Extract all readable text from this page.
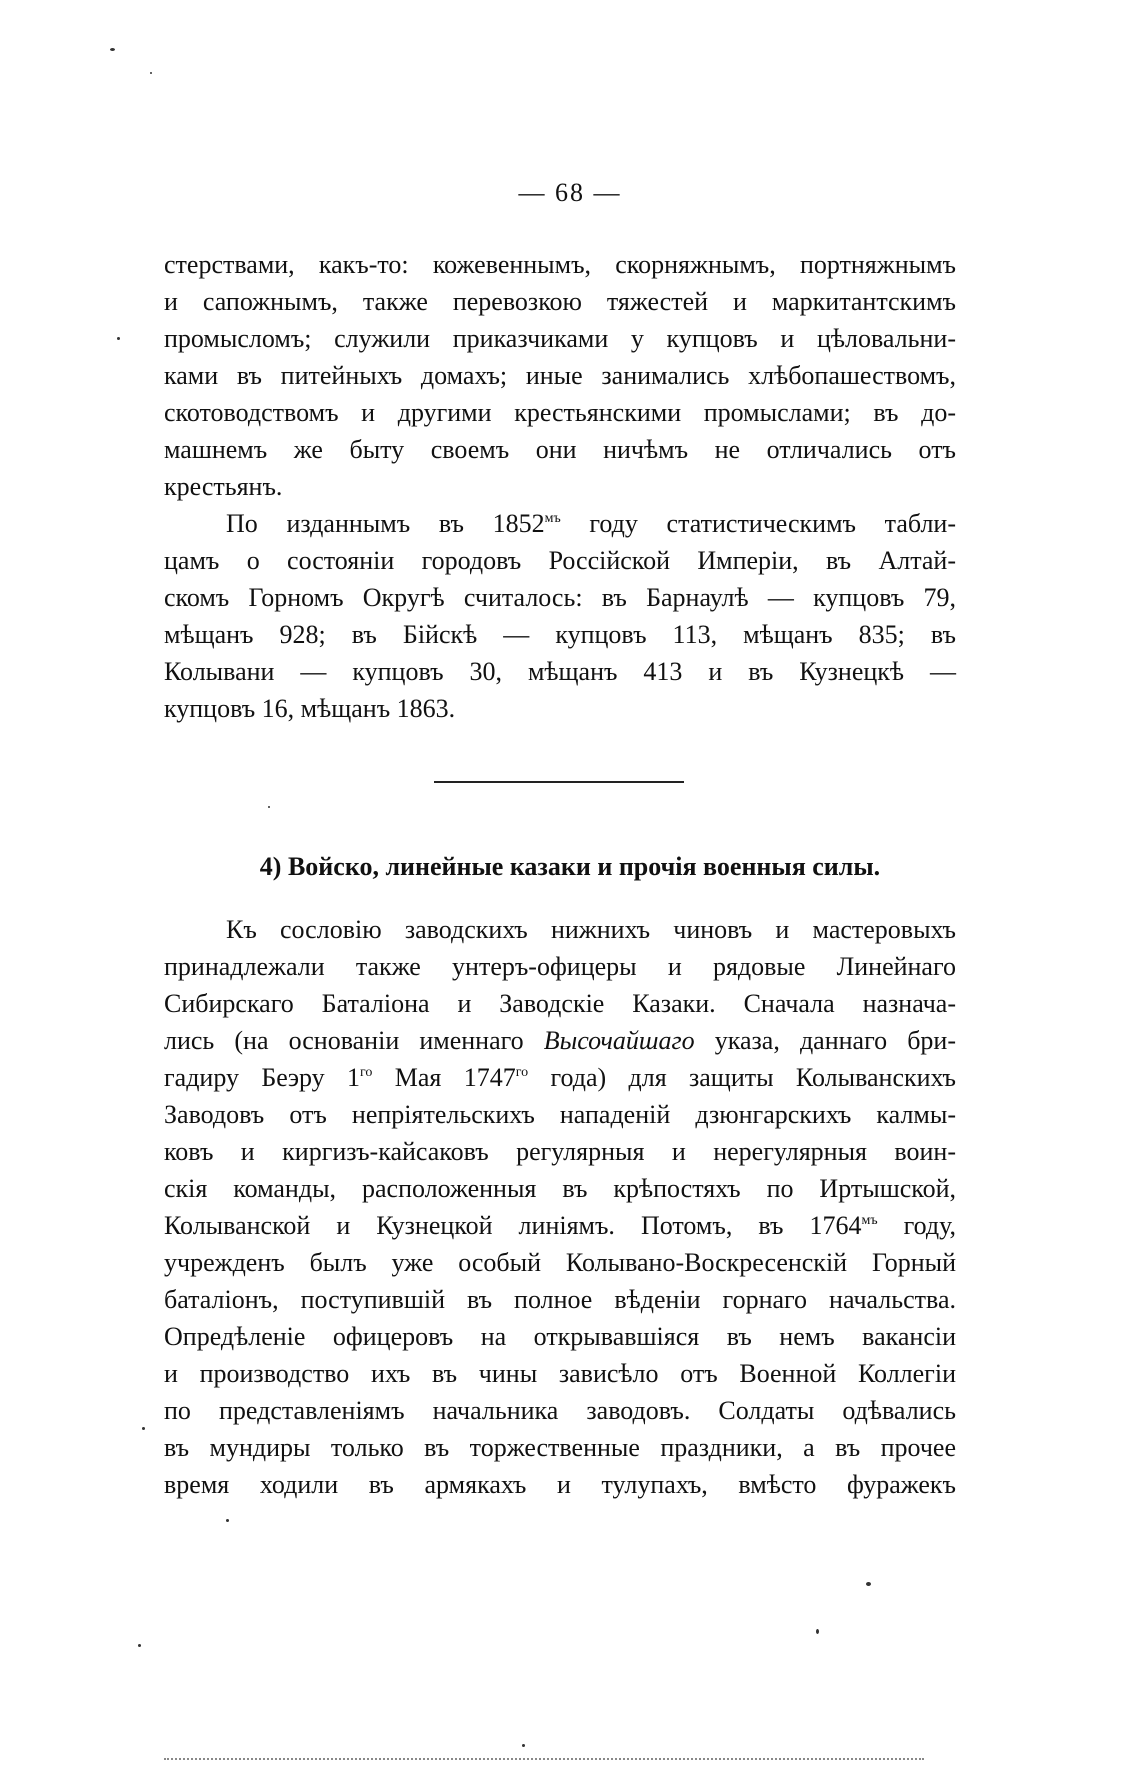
— 68 —
стерствами, какъ-то: кожевеннымъ, скорняжнымъ, портняжнымъ
и сапожнымъ, также перевозкою тяжестей и маркитантскимъ
промысломъ; служили приказчиками у купцовъ и цѣловальни-
ками въ питейныхъ домахъ; иные занимались хлѣбопашествомъ,
скотоводствомъ и другими крестьянскими промыслами; въ до-
машнемъ же быту своемъ они ничѣмъ не отличались отъ
крестьянъ.
По изданнымъ въ $1852^{мъ}$ году статистическимъ табли-
цамъ о состояніи городовъ Россійской Имперіи, въ Алтай-
скомъ Горномъ Округѣ считалось: въ Барнаулѣ — купцовъ 79,
мѣщанъ 928; въ Бійскѣ — купцовъ 113, мѣщанъ 835; въ
Колывани — купцовъ 30, мѣщанъ 413 и въ Кузнецкѣ —
купцовъ 16, мѣщанъ 1863.
4) Войско, линейные казаки и прочія военныя силы.
Къ сословію заводскихъ нижнихъ чиновъ и мастеровыхъ
принадлежали также унтеръ-офицеры и рядовые Линейнаго
Сибирскаго Баталіона и Заводскіе Казаки. Сначала назнача-
лись (на основаніи именнаго Высочайшаго указа, даннаго бри-
гадиру Беэру $1^{го}$ Мая $1747^{го}$ года) для защиты Колыванскихъ
Заводовъ отъ непріятельскихъ нападеній дзюнгарскихъ калмы-
ковъ и киргизъ-кайсаковъ регулярныя и нерегулярныя воин-
скія команды, расположенныя въ крѣпостяхъ по Иртышской,
Колыванской и Кузнецкой линіямъ. Потомъ, въ $1764^{мъ}$ году,
учрежденъ былъ уже особый Колывано-Воскресенскій Горный
баталіонъ, поступившій въ полное вѣденіи горнаго начальства.
Опредѣленіе офицеровъ на открывавшіяся въ немъ вакансіи
и производство ихъ въ чины зависѣло отъ Военной Коллегіи
по представленіямъ начальника заводовъ. Солдаты одѣвались
въ мундиры только въ торжественные праздники, а въ прочее
время ходили въ армякахъ и тулупахъ, вмѣсто фуражекъ
